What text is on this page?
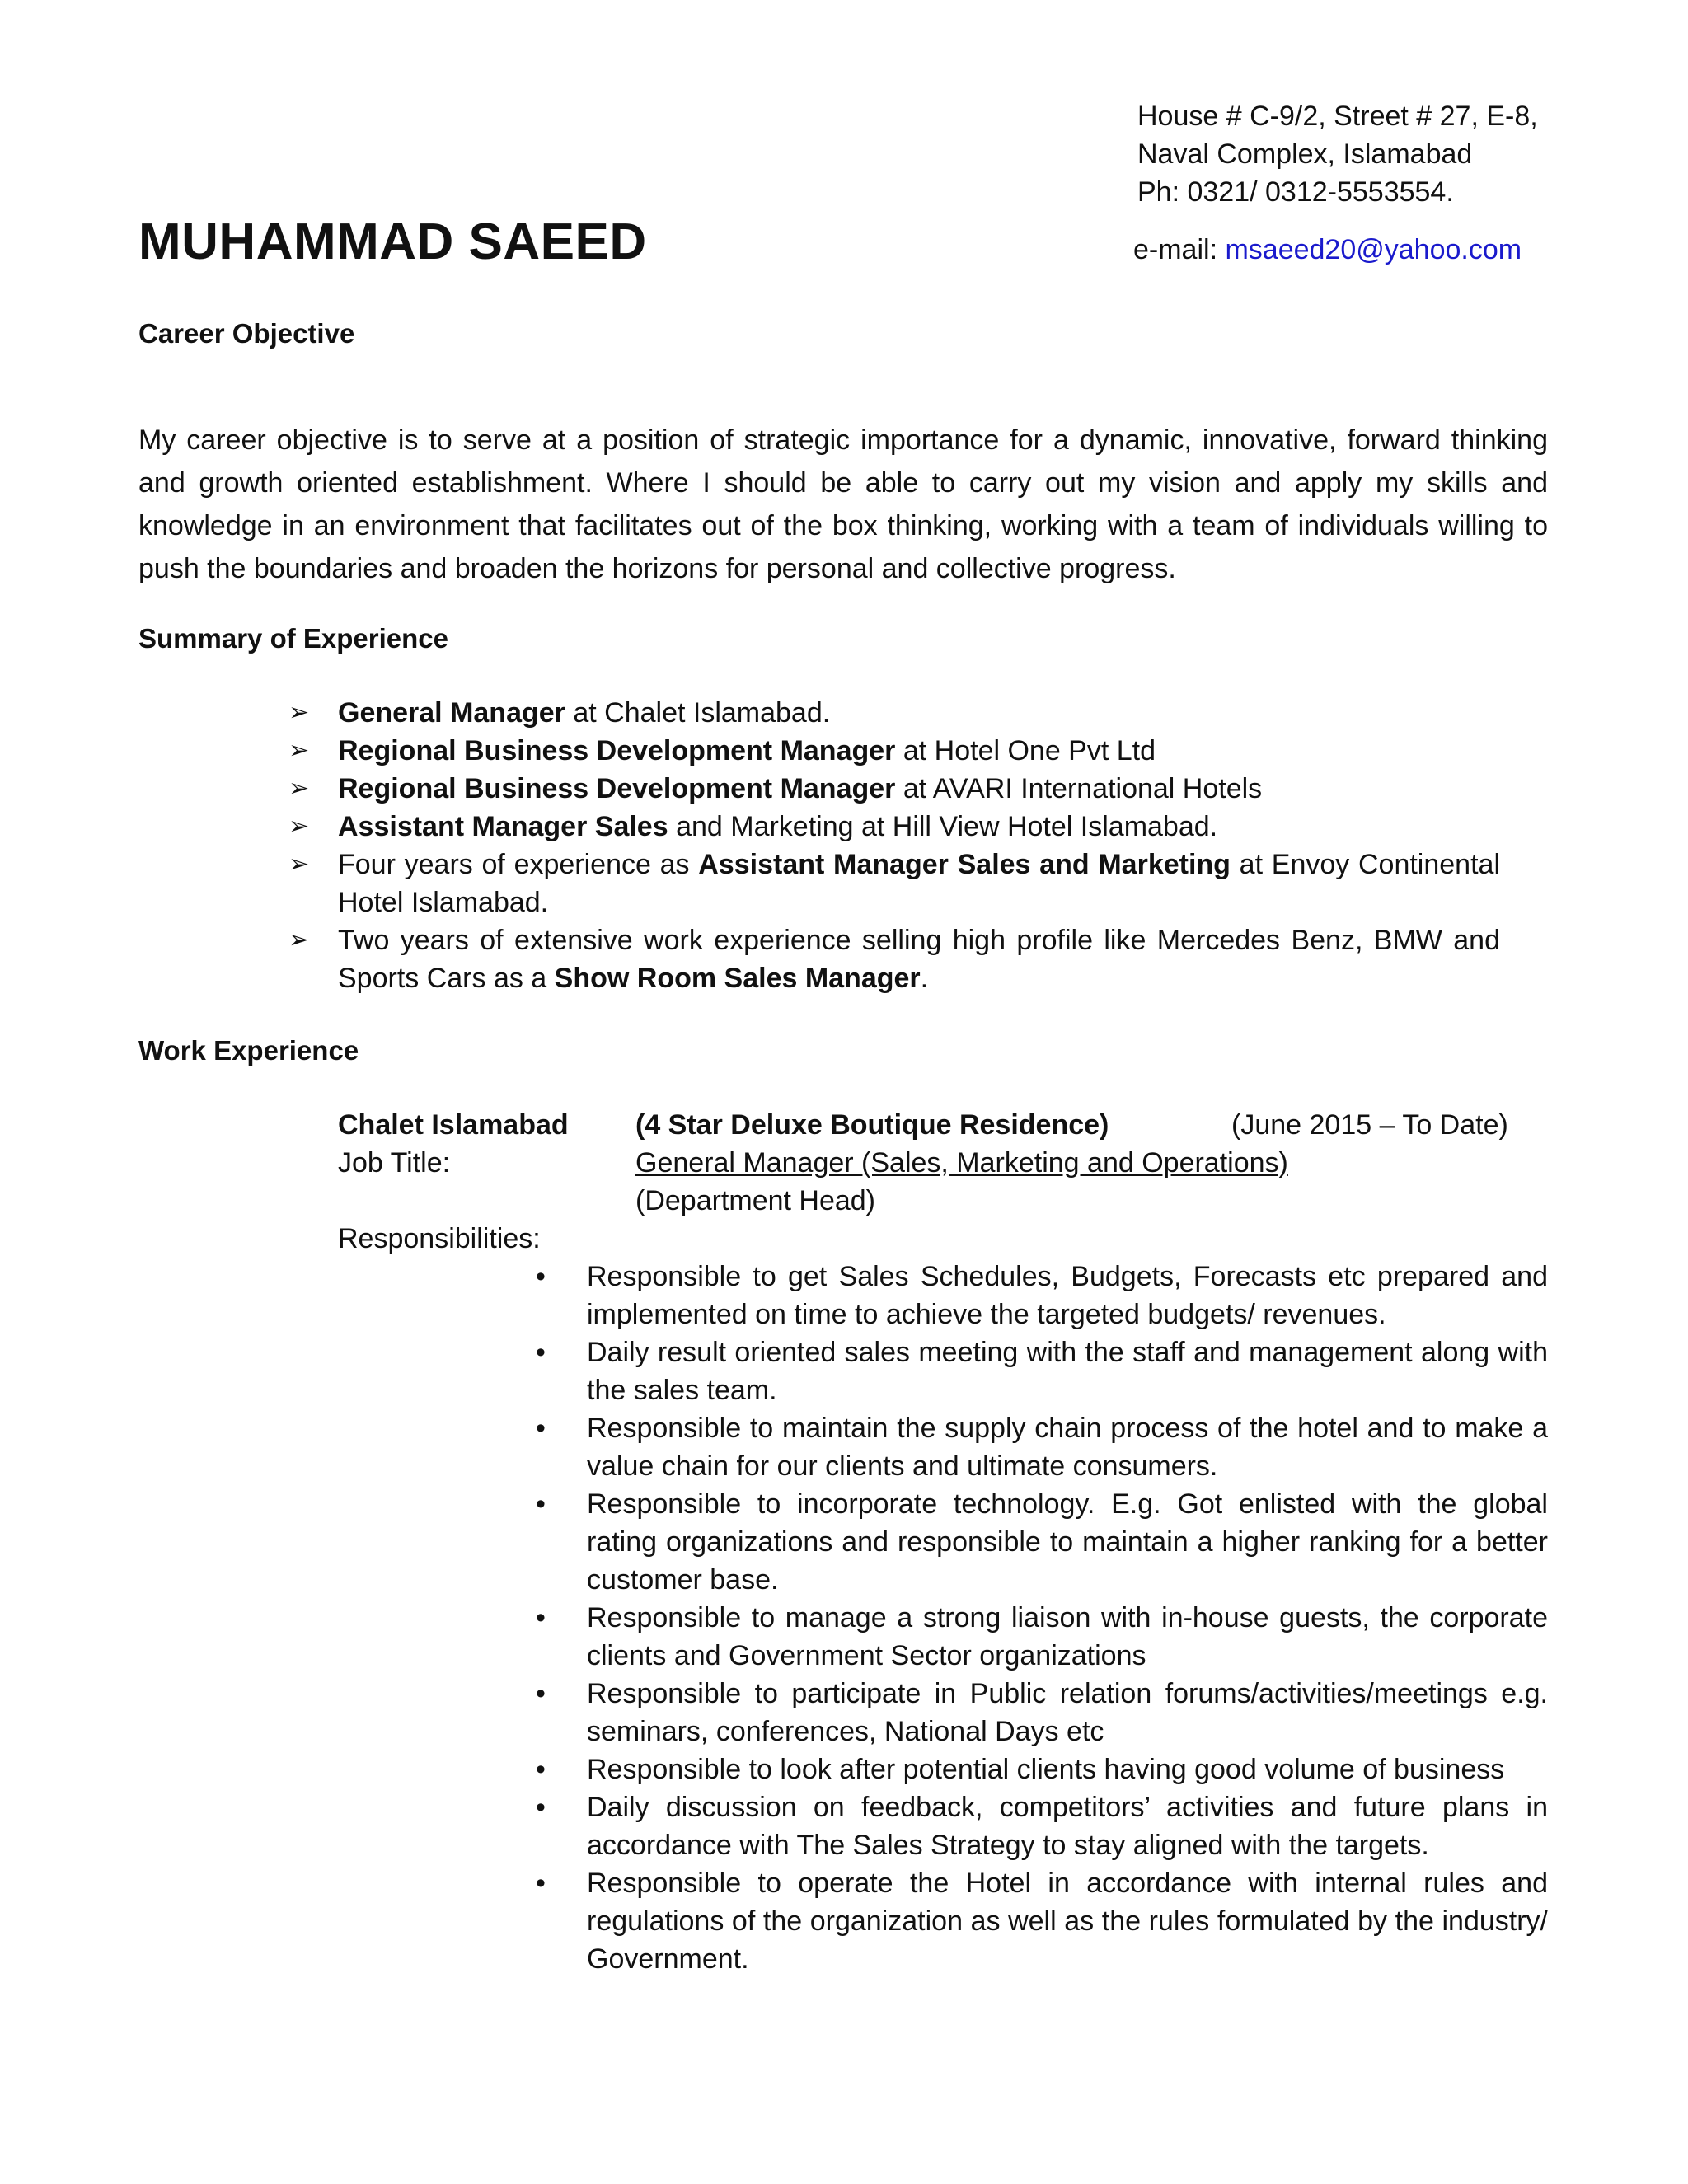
House # C-9/2, Street # 27, E-8,
Naval Complex, Islamabad
Ph: 0321/ 0312-5553554.
e-mail: msaeed20@yahoo.com
MUHAMMAD SAEED
Career Objective
My career objective is to serve at a position of strategic importance for a dynamic, innovative, forward thinking and growth oriented establishment. Where I should be able to carry out my vision and apply my skills and knowledge in an environment that facilitates out of the box thinking, working with a team of individuals willing to push the boundaries and broaden the horizons for personal and collective progress.
Summary of Experience
➢ General Manager at Chalet Islamabad.
➢ Regional Business Development Manager at Hotel One Pvt Ltd
➢ Regional Business Development Manager at AVARI International Hotels
➢ Assistant Manager Sales and Marketing at Hill View Hotel Islamabad.
➢ Four years of experience as Assistant Manager Sales and Marketing at Envoy Continental Hotel Islamabad.
➢ Two years of extensive work experience selling high profile like Mercedes Benz, BMW and Sports Cars as a Show Room Sales Manager.
Work Experience
Chalet Islamabad (4 Star Deluxe Boutique Residence)	(June 2015 – To Date)
Job Title:	General Manager (Sales, Marketing and Operations)
(Department Head)
Responsibilities:
• Responsible to get Sales Schedules, Budgets, Forecasts etc prepared and implemented on time to achieve the targeted budgets/ revenues.
• Daily result oriented sales meeting with the staff and management along with the sales team.
• Responsible to maintain the supply chain process of the hotel and to make a value chain for our clients and ultimate consumers.
• Responsible to incorporate technology. E.g. Got enlisted with the global rating organizations and responsible to maintain a higher ranking for a better customer base.
• Responsible to manage a strong liaison with in-house guests, the corporate clients and Government Sector organizations
• Responsible to participate in Public relation forums/activities/meetings e.g. seminars, conferences, National Days etc
• Responsible to look after potential clients having good volume of business
• Daily discussion on feedback, competitors’ activities and future plans in accordance with The Sales Strategy to stay aligned with the targets.
• Responsible to operate the Hotel in accordance with internal rules and regulations of the organization as well as the rules formulated by the industry/ Government.
